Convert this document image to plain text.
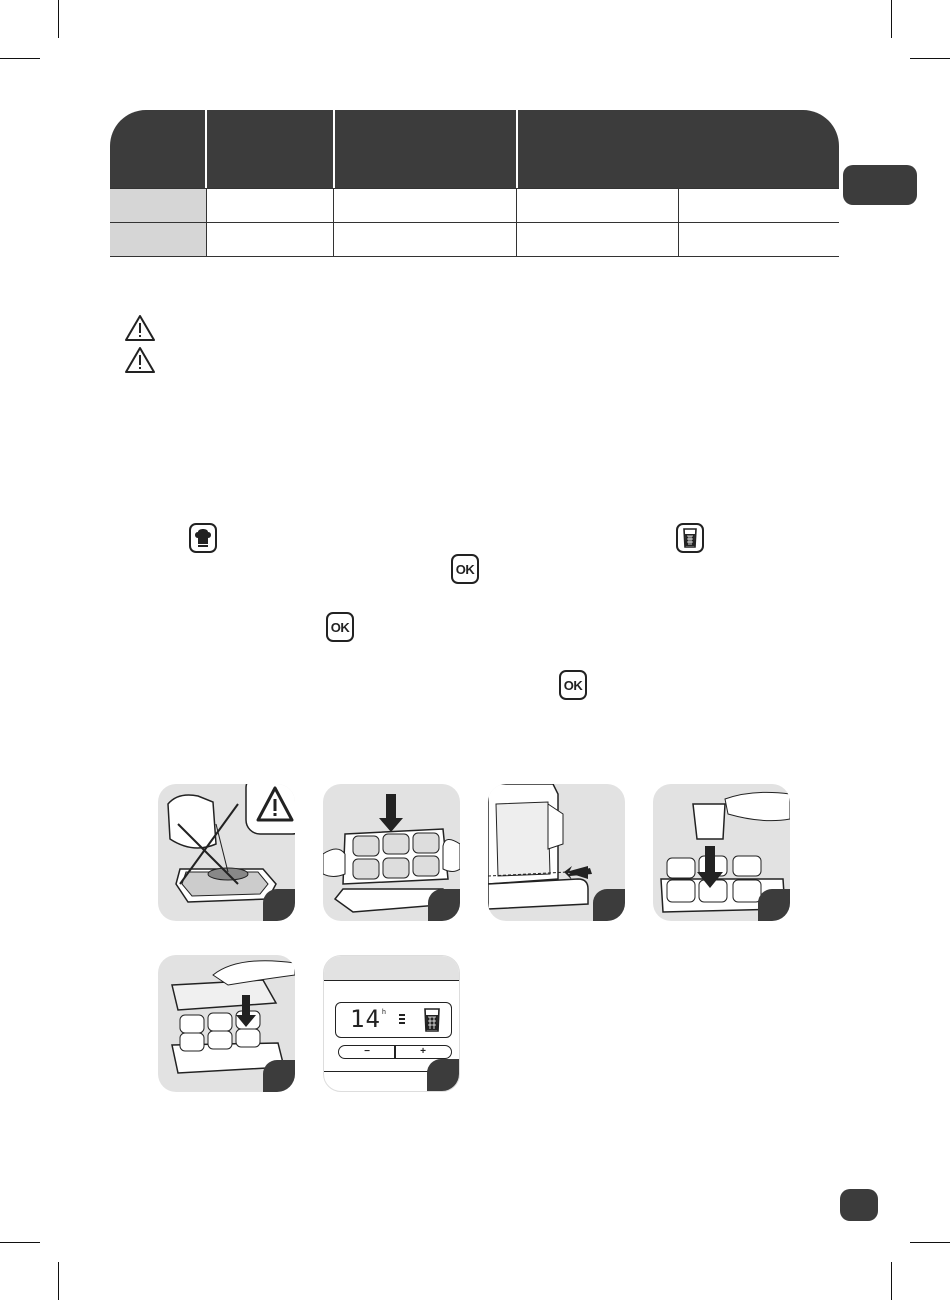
OK
OK
OK
14 h
−	+
